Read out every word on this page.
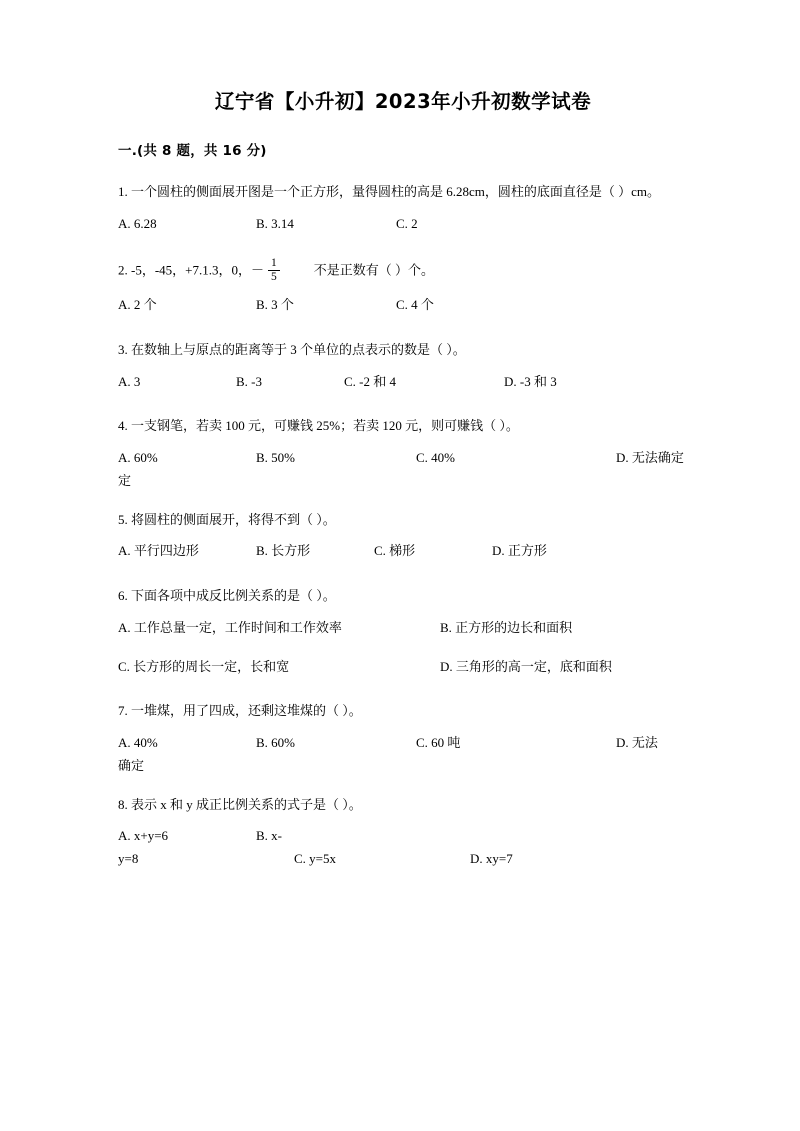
辽宁省【小升初】2023年小升初数学试卷
一.(共 8 题，共 16 分)

1. 一个圆柱的侧面展开图是一个正方形，量得圆柱的高是 6.28cm，圆柱的底面直径是（ ）cm。

A. 6.28	B. 3.14	C. 2

2. -5，-45，+7.1.3，0，－ $\frac{1}{5}$	不是正数有（ ）个。

A. 2 个	B. 3 个	C. 4 个

3. 在数轴上与原点的距离等于 3 个单位的点表示的数是（ ）。

A. 3	B. -3	C. -2 和 4	D. -3 和 3

4. 一支钢笔，若卖 100 元，可赚钱 25%；若卖 120 元，则可赚钱（ ）。

A. 60%	B. 50%	C. 40%	D. 无法确定
定

5. 将圆柱的侧面展开，将得不到（ ）。

A. 平行四边形	B. 长方形	C. 梯形	D. 正方形

6. 下面各项中成反比例关系的是（ ）。

A. 工作总量一定，工作时间和工作效率	B. 正方形的边长和面积
C. 长方形的周长一定，长和宽	D. 三角形的高一定，底和面积

7. 一堆煤，用了四成，还剩这堆煤的（ ）。

A. 40%	B. 60%	C. 60 吨	D. 无法
确定

8. 表示 x 和 y 成正比例关系的式子是（ ）。

A. x+y=6	B. x-
y=8	C. y=5x	D. xy=7
